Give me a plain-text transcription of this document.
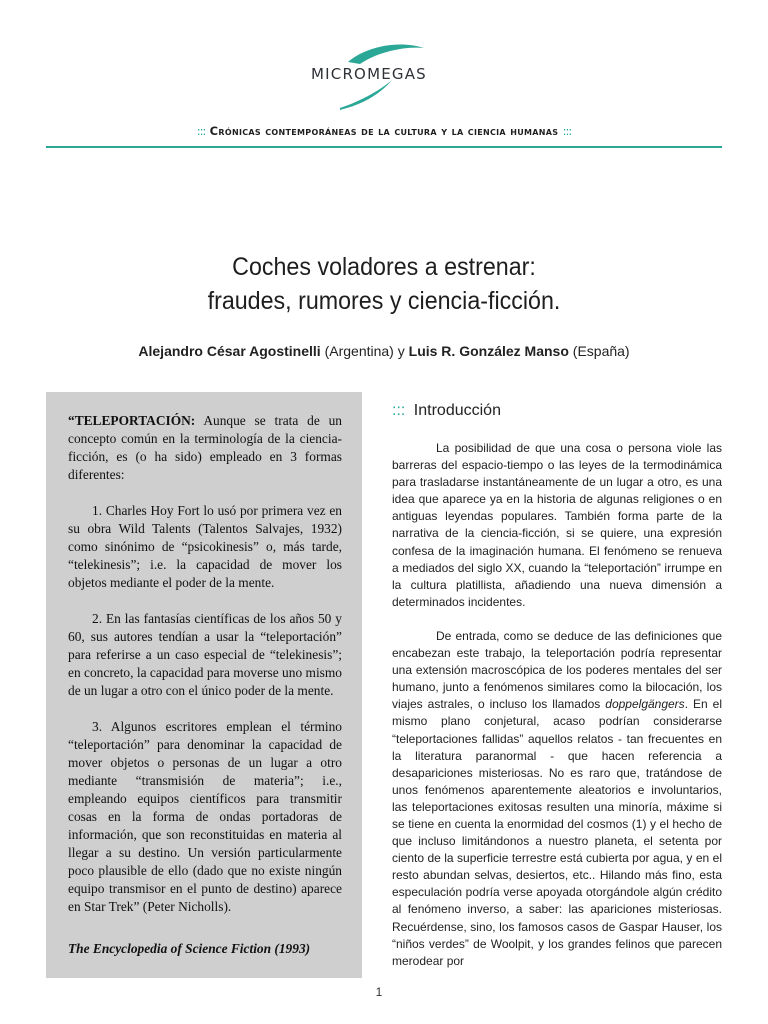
MICROMEGAS
::: Crónicas contemporáneas de la cultura y la ciencia humanas :::
Coches voladores a estrenar:
fraudes, rumores y ciencia-ficción.
Alejandro César Agostinelli (Argentina) y Luis R. González Manso (España)

“TELEPORTACIÓN: Aunque se trata de un concepto común en la terminología de la ciencia-ficción, es (o ha sido) empleado en 3 formas diferentes:

1. Charles Hoy Fort lo usó por primera vez en su obra Wild Talents (Talentos Salvajes, 1932) como sinónimo de “psicokinesis” o, más tarde, “telekinesis”; i.e. la capacidad de mover los objetos mediante el poder de la mente.

2. En las fantasías científicas de los años 50 y 60, sus autores tendían a usar la “teleportación” para referirse a un caso especial de “telekinesis”; en concreto, la capacidad para moverse uno mismo de un lugar a otro con el único poder de la mente.

3. Algunos escritores emplean el término “teleportación” para denominar la capacidad de mover objetos o personas de un lugar a otro mediante “transmisión de materia”; i.e., empleando equipos científicos para transmitir cosas en la forma de ondas portadoras de información, que son reconstituidas en materia al llegar a su destino. Un versión particularmente poco plausible de ello (dado que no existe ningún equipo transmisor en el punto de destino) aparece en Star Trek” (Peter Nicholls).

The Encyclopedia of Science Fiction (1993)
::: Introducción

La posibilidad de que una cosa o persona viole las barreras del espacio-tiempo o las leyes de la termodinámica para trasladarse instantáneamente de un lugar a otro, es una idea que aparece ya en la historia de algunas religiones o en antiguas leyendas populares. También forma parte de la narrativa de la ciencia-ficción, si se quiere, una expresión confesa de la imaginación humana. El fenómeno se renueva a mediados del siglo XX, cuando la “teleportación” irrumpe en la cultura platillista, añadiendo una nueva dimensión a determinados incidentes.

De entrada, como se deduce de las definiciones que encabezan este trabajo, la teleportación podría representar una extensión macroscópica de los poderes mentales del ser humano, junto a fenómenos similares como la bilocación, los viajes astrales, o incluso los llamados doppelgängers. En el mismo plano conjetural, acaso podrían considerarse “teleportaciones fallidas” aquellos relatos - tan frecuentes en la literatura paranormal - que hacen referencia a desapariciones misteriosas. No es raro que, tratándose de unos fenómenos aparentemente aleatorios e involuntarios, las teleportaciones exitosas resulten una minoría, máxime si se tiene en cuenta la enormidad del cosmos (1) y el hecho de que incluso limitándonos a nuestro planeta, el setenta por ciento de la superficie terrestre está cubierta por agua, y en el resto abundan selvas, desiertos, etc.. Hilando más fino, esta especulación podría verse apoyada otorgándole algún crédito al fenómeno inverso, a saber: las apariciones misteriosas. Recuérdense, sino, los famosos casos de Gaspar Hauser, los “niños verdes” de Woolpit, y los grandes felinos que parecen merodear por

1
